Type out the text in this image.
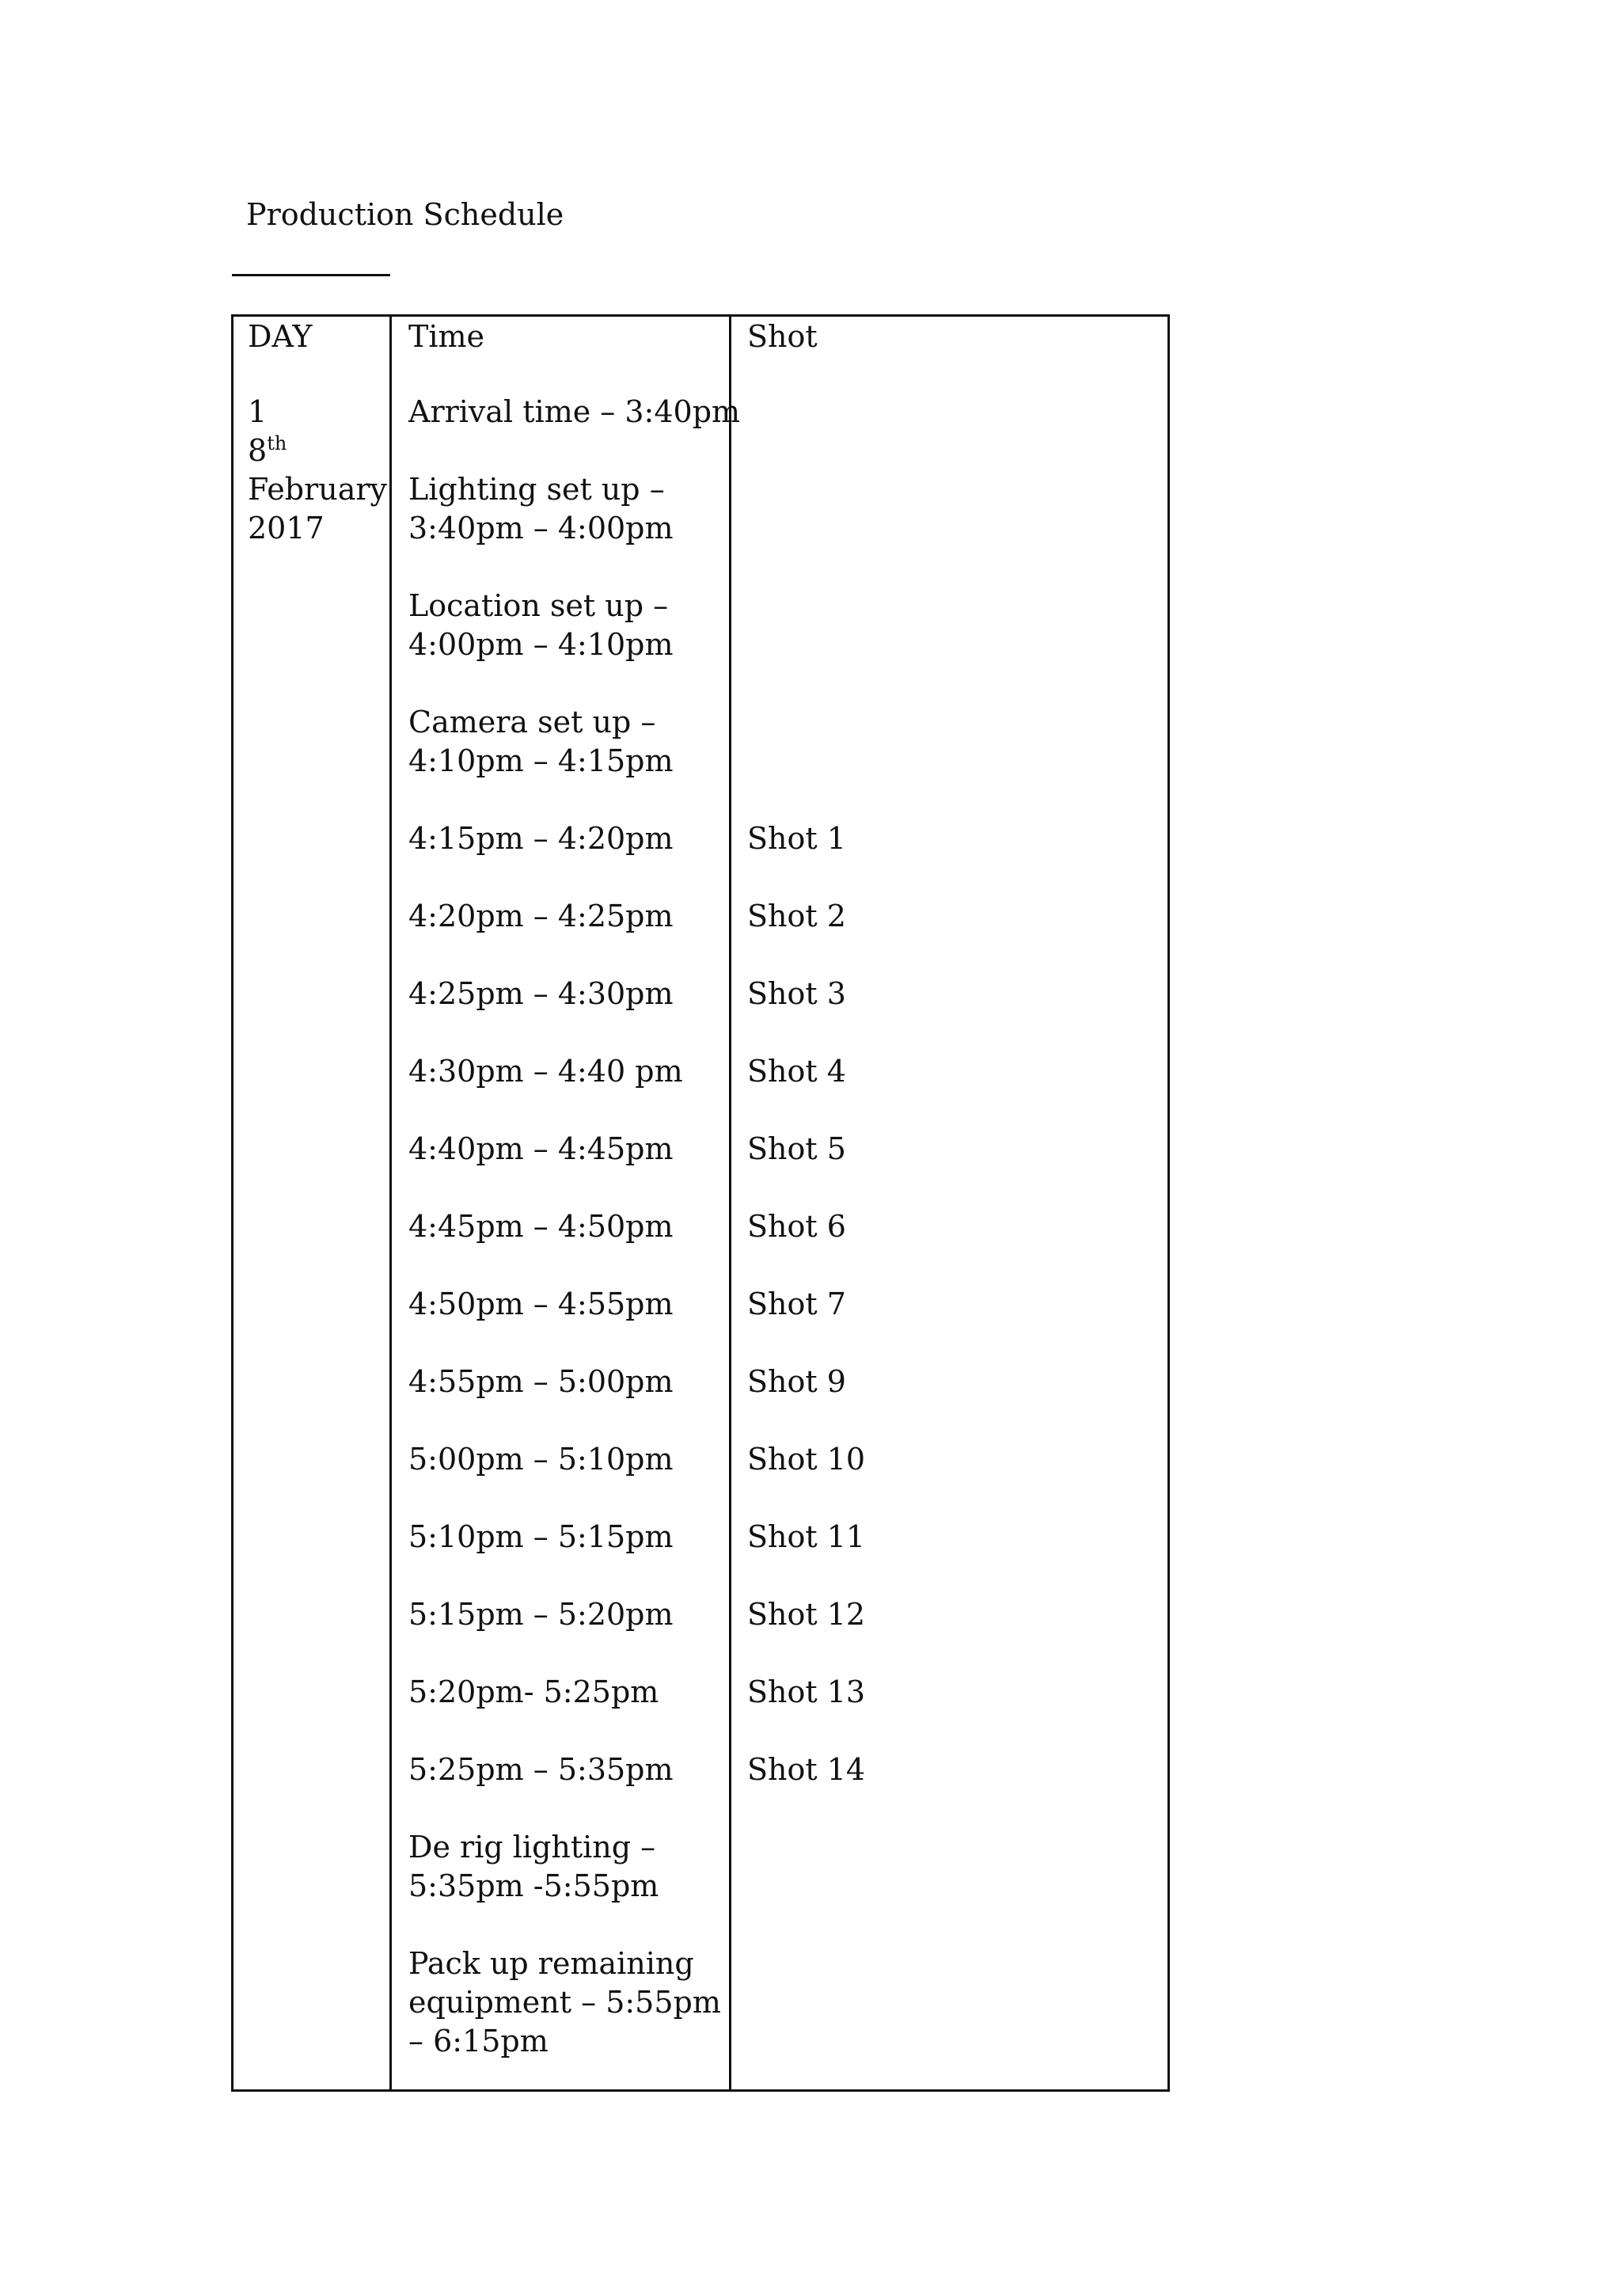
Production Schedule
DAY	Time	Shot
1
8th
February
2017
Arrival time – 3:40pm
Lighting set up –
3:40pm – 4:00pm
Location set up –
4:00pm – 4:10pm
Camera set up –
4:10pm – 4:15pm
4:15pm – 4:20pm Shot 1
4:20pm – 4:25pm Shot 2
4:25pm – 4:30pm Shot 3
4:30pm – 4:40 pm Shot 4
4:40pm – 4:45pm Shot 5
4:45pm – 4:50pm Shot 6
4:50pm – 4:55pm Shot 7
4:55pm – 5:00pm Shot 9
5:00pm – 5:10pm Shot 10
5:10pm – 5:15pm Shot 11
5:15pm – 5:20pm Shot 12
5:20pm- 5:25pm	Shot 13
5:25pm – 5:35pm Shot 14
De rig lighting –
5:35pm -5:55pm
Pack up remaining
equipment – 5:55pm
– 6:15pm
